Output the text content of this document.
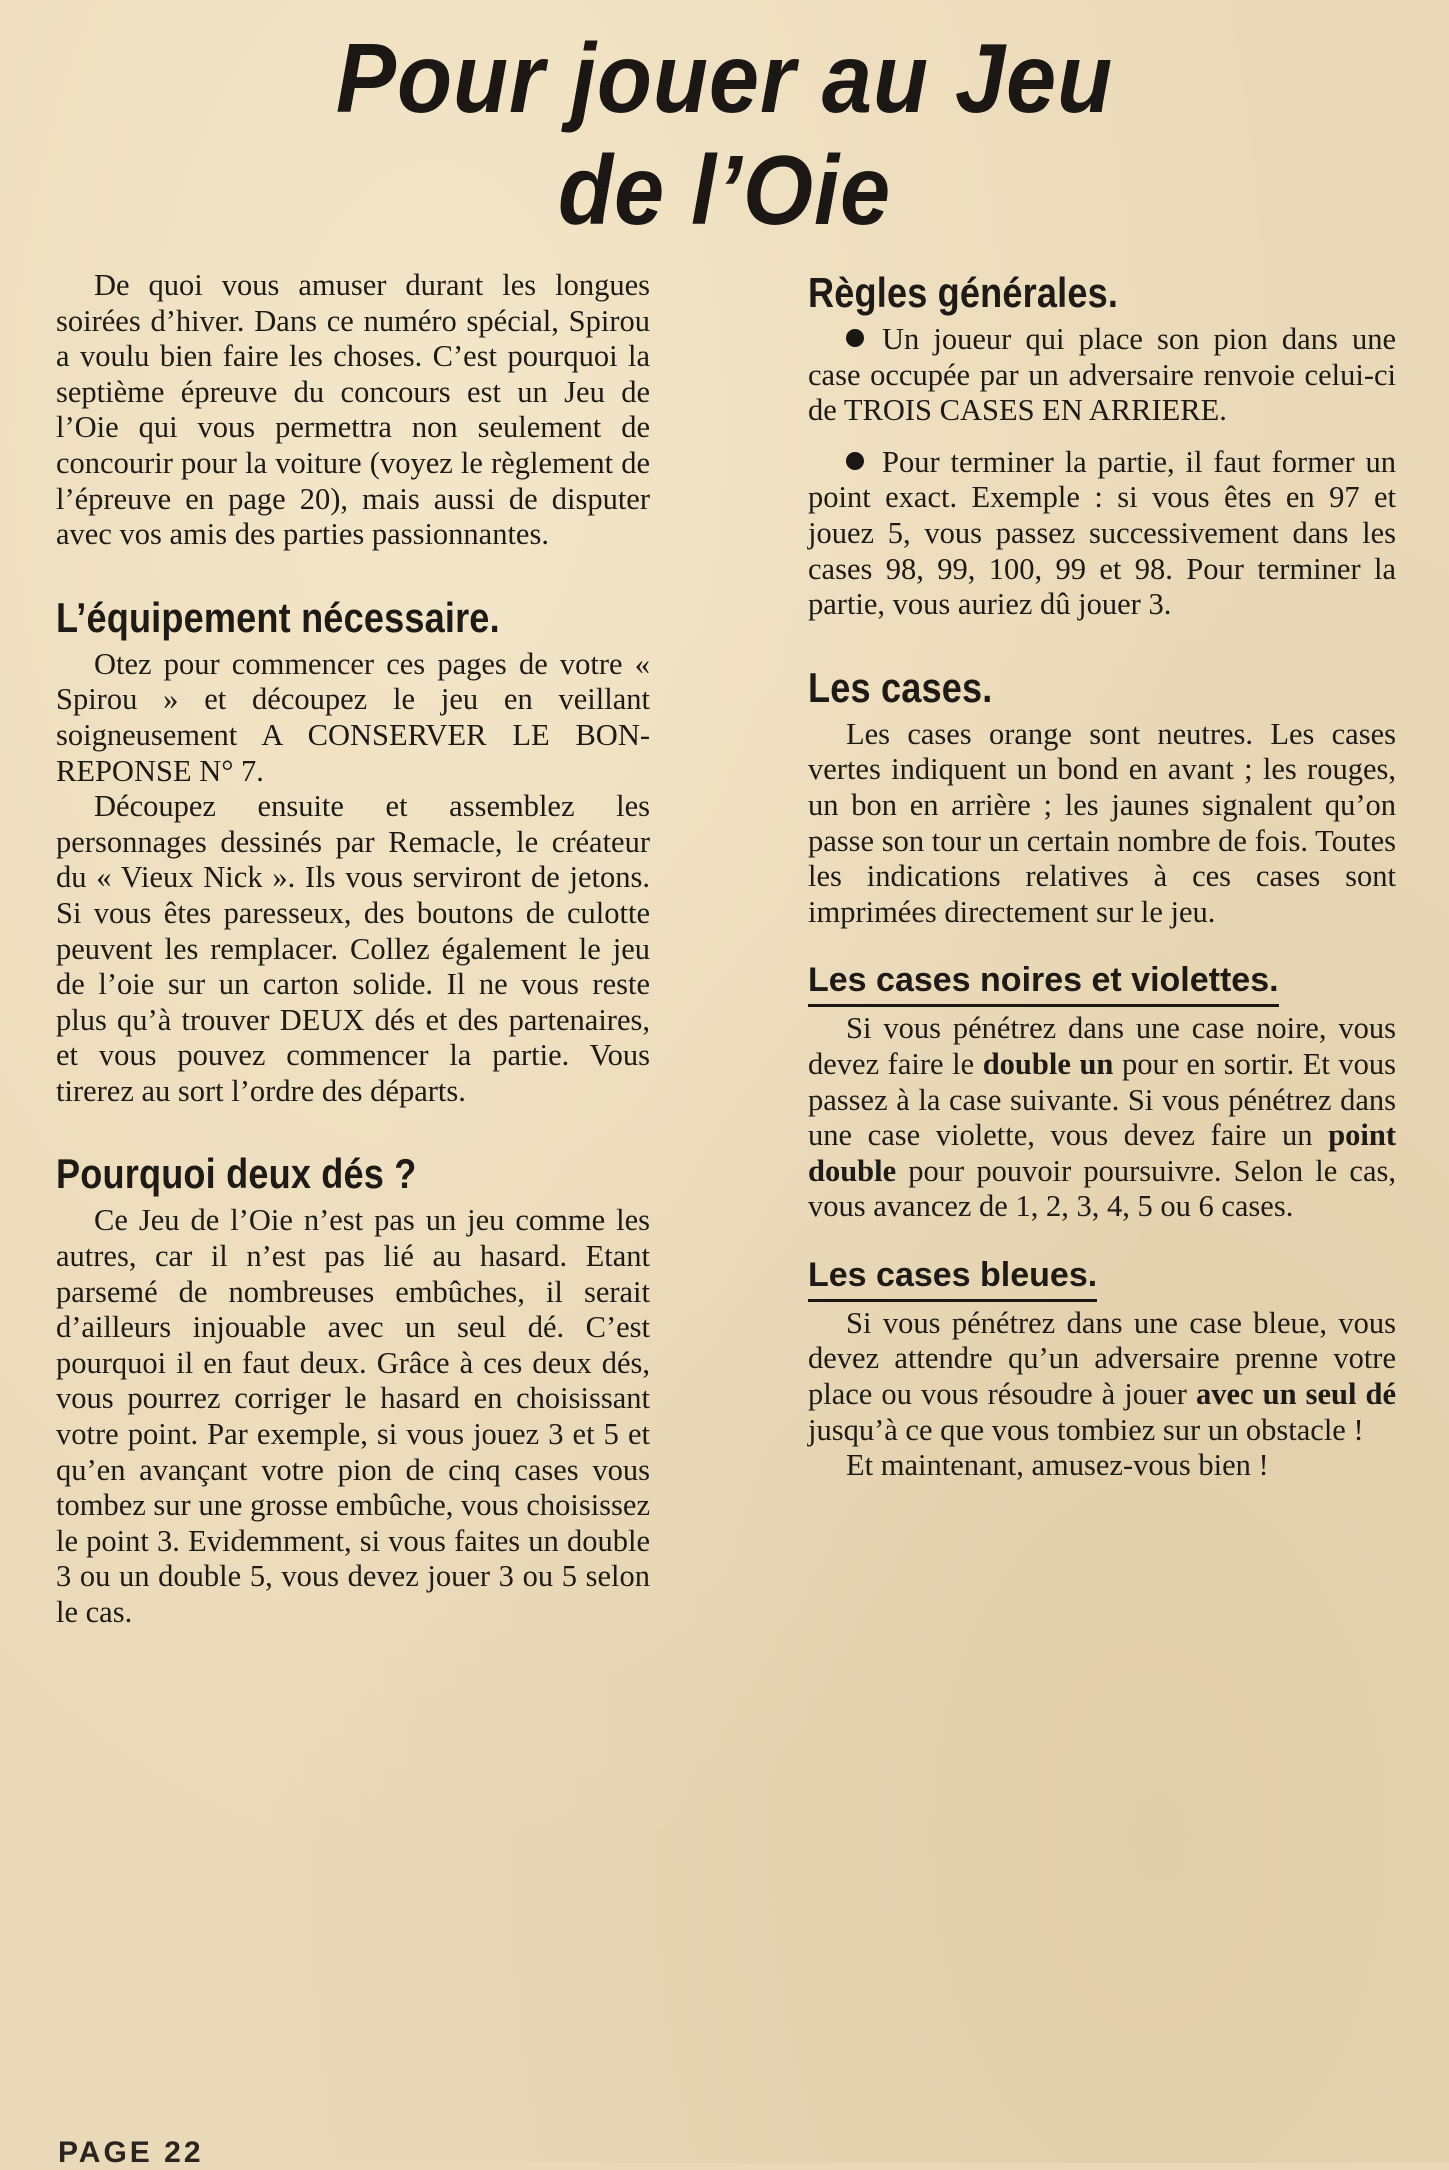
Pour jouer au Jeu
de l’Oie

De quoi vous amuser durant les longues soirées d’hiver. Dans ce numéro spécial, Spirou a voulu bien faire les choses. C’est pourquoi la septième épreuve du concours est un Jeu de l’Oie qui vous permettra non seulement de concourir pour la voiture (voyez le règlement de l’épreuve en page 20), mais aussi de disputer avec vos amis des parties passionnantes.

L’équipement nécessaire.

Otez pour commencer ces pages de votre « Spirou » et découpez le jeu en veillant soigneusement A CONSERVER LE BON-REPONSE N° 7.

Découpez ensuite et assemblez les personnages dessinés par Remacle, le créateur du « Vieux Nick ». Ils vous serviront de jetons. Si vous êtes paresseux, des boutons de culotte peuvent les remplacer. Collez également le jeu de l’oie sur un carton solide. Il ne vous reste plus qu’à trouver DEUX dés et des partenaires, et vous pouvez commencer la partie. Vous tirerez au sort l’ordre des départs.

Pourquoi deux dés ?

Ce Jeu de l’Oie n’est pas un jeu comme les autres, car il n’est pas lié au hasard. Etant parsemé de nombreuses embûches, il serait d’ailleurs injouable avec un seul dé. C’est pourquoi il en faut deux. Grâce à ces deux dés, vous pourrez corriger le hasard en choisissant votre point. Par exemple, si vous jouez 3 et 5 et qu’en avançant votre pion de cinq cases vous tombez sur une grosse embûche, vous choisissez le point 3. Evidemment, si vous faites un double 3 ou un double 5, vous devez jouer 3 ou 5 selon le cas.

Règles générales.

Un joueur qui place son pion dans une case occupée par un adversaire renvoie celui-ci de TROIS CASES EN ARRIERE.

Pour terminer la partie, il faut former un point exact. Exemple : si vous êtes en 97 et jouez 5, vous passez successivement dans les cases 98, 99, 100, 99 et 98. Pour terminer la partie, vous auriez dû jouer 3.

Les cases.

Les cases orange sont neutres. Les cases vertes indiquent un bond en avant ; les rouges, un bon en arrière ; les jaunes signalent qu’on passe son tour un certain nombre de fois. Toutes les indications relatives à ces cases sont imprimées directement sur le jeu.

Les cases noires et violettes.

Si vous pénétrez dans une case noire, vous devez faire le double un pour en sortir. Et vous passez à la case suivante. Si vous pénétrez dans une case violette, vous devez faire un point double pour pouvoir poursuivre. Selon le cas, vous avancez de 1, 2, 3, 4, 5 ou 6 cases.

Les cases bleues.

Si vous pénétrez dans une case bleue, vous devez attendre qu’un adversaire prenne votre place ou vous résoudre à jouer avec un seul dé jusqu’à ce que vous tombiez sur un obstacle !

Et maintenant, amusez-vous bien !

PAGE 22
